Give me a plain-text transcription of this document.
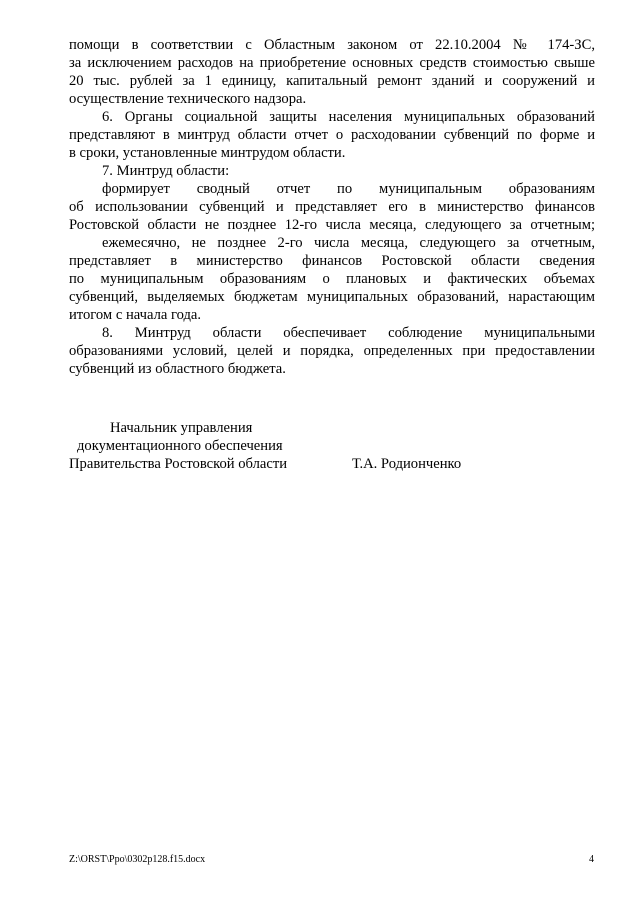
помощи в соответствии с Областным законом от 22.10.2004 № 174-ЗС,
за исключением расходов на приобретение основных средств стоимостью свыше
20 тыс. рублей за 1 единицу, капитальный ремонт зданий и сооружений и
осуществление технического надзора.
6. Органы социальной защиты населения муниципальных образований
представляют в минтруд области отчет о расходовании субвенций по форме и
в сроки, установленные минтрудом области.
7. Минтруд области:
формирует сводный отчет по муниципальным образованиям
об использовании субвенций и представляет его в министерство финансов
Ростовской области не позднее 12-го числа месяца, следующего за отчетным;
ежемесячно, не позднее 2-го числа месяца, следующего за отчетным,
представляет в министерство финансов Ростовской области сведения
по муниципальным образованиям о плановых и фактических объемах
субвенций, выделяемых бюджетам муниципальных образований, нарастающим
итогом с начала года.
8. Минтруд области обеспечивает соблюдение муниципальными
образованиями условий, целей и порядка, определенных при предоставлении
субвенций из областного бюджета.
Начальник управления
документационного обеспечения
Правительства Ростовской области	Т.А. Родионченко
Z:\ORST\Ppo\0302p128.f15.docx	4
